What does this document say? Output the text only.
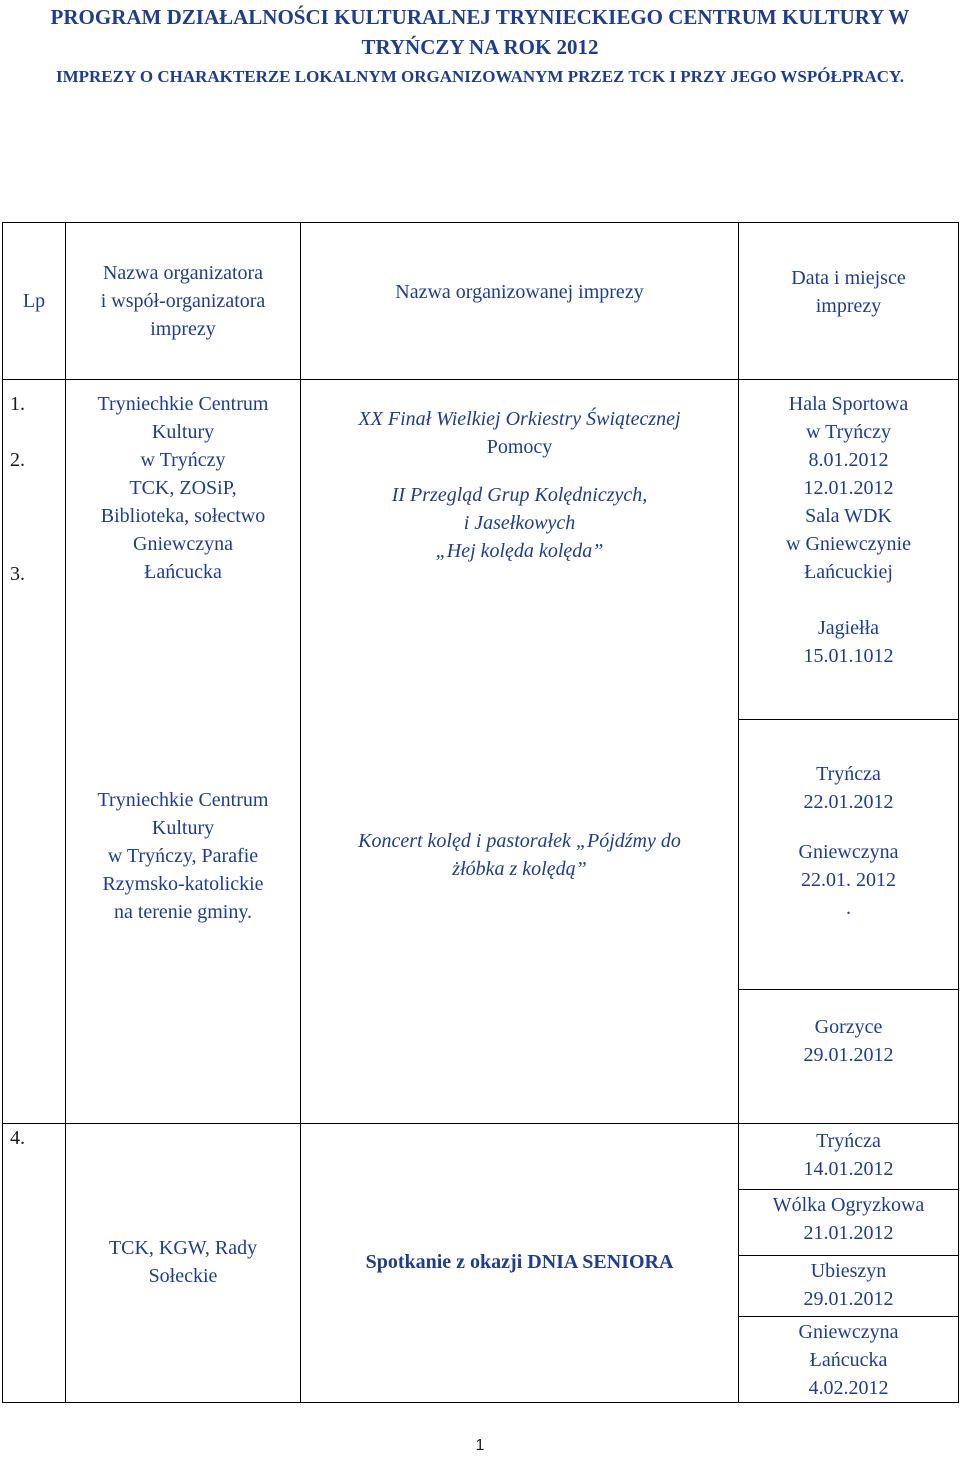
PROGRAM DZIAŁALNOŚCI KULTURALNEJ TRYNIECKIEGO CENTRUM KULTURY W TRYŃCZY NA ROK 2012
IMPREZY O CHARAKTERZE LOKALNYM ORGANIZOWANYM PRZEZ TCK I PRZY JEGO WSPÓŁPRACY.
Lp
Nazwa organizatora
i współ-organizatora
imprezy
Nazwa organizowanej imprezy
Data i miejsce
imprezy
1.
2.
3.
Tryniechkie Centrum
Kultury
w Tryńczy
TCK, ZOSiP,
Biblioteka, sołectwo
Gniewczyna
Łańcucka
XX Finał Wielkiej Orkiestry Świątecznej
Pomocy
II Przegląd Grup Kolędniczych,
i Jasełkowych
„Hej kolęda kolęda”
Hala Sportowa
w Tryńczy
8.01.2012
12.01.2012
Sala WDK
w Gniewczynie
Łańcuckiej
Jagiełła
15.01.1012
Tryniechkie Centrum
Kultury
w Tryńczy, Parafie
Rzymsko-katolickie
na terenie gminy.
Koncert kolęd i pastorałek „Pójdźmy do
żłóbka z kolędą”
Tryńcza
22.01.2012
Gniewczyna
22.01. 2012
.
Gorzyce
29.01.2012
4.
TCK, KGW, Rady
Sołeckie
Spotkanie z okazji DNIA SENIORA
Tryńcza
14.01.2012
Wólka Ogryzkowa
21.01.2012
Ubieszyn
29.01.2012
Gniewczyna
Łańcucka
4.02.2012
1
